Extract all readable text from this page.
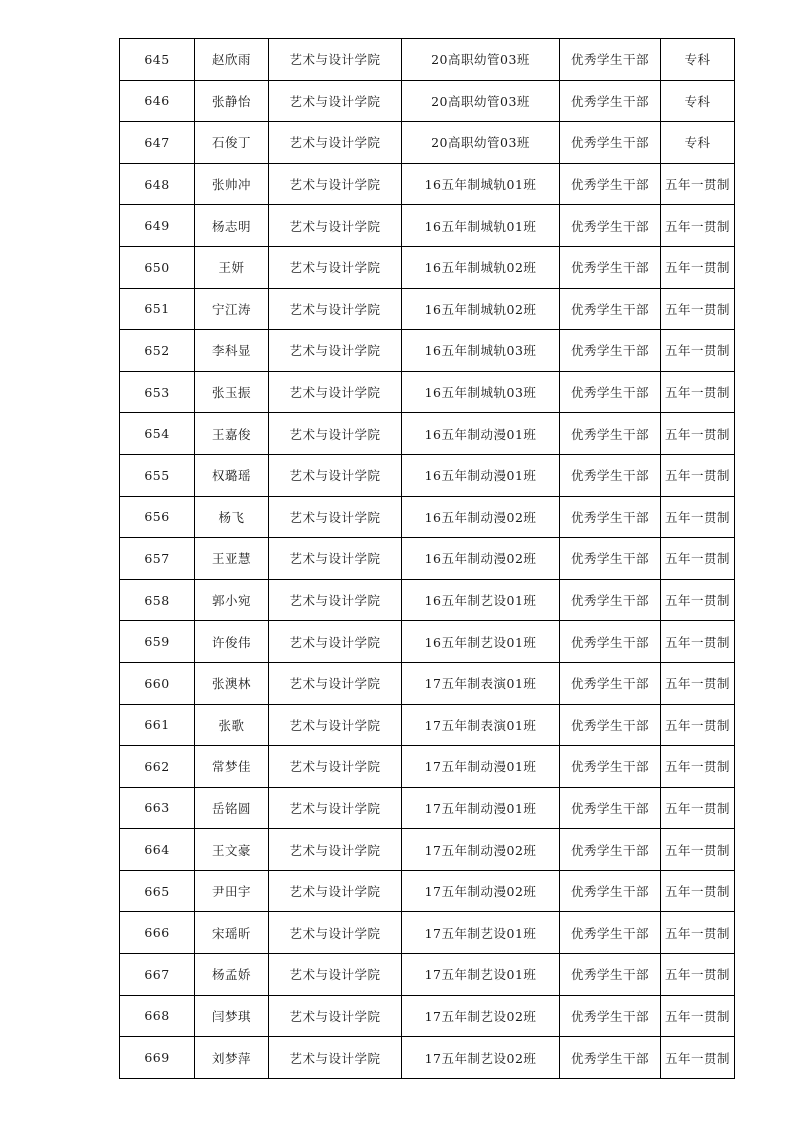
645	赵欣雨	艺术与设计学院	20高职幼管03班	优秀学生干部	专科
646	张静怡	艺术与设计学院	20高职幼管03班	优秀学生干部	专科
647	石俊丁	艺术与设计学院	20高职幼管03班	优秀学生干部	专科
648	张帅冲	艺术与设计学院	16五年制城轨01班	优秀学生干部	五年一贯制
649	杨志明	艺术与设计学院	16五年制城轨01班	优秀学生干部	五年一贯制
650	王妍	艺术与设计学院	16五年制城轨02班	优秀学生干部	五年一贯制
651	宁江涛	艺术与设计学院	16五年制城轨02班	优秀学生干部	五年一贯制
652	李科显	艺术与设计学院	16五年制城轨03班	优秀学生干部	五年一贯制
653	张玉振	艺术与设计学院	16五年制城轨03班	优秀学生干部	五年一贯制
654	王嘉俊	艺术与设计学院	16五年制动漫01班	优秀学生干部	五年一贯制
655	权璐瑶	艺术与设计学院	16五年制动漫01班	优秀学生干部	五年一贯制
656	杨飞	艺术与设计学院	16五年制动漫02班	优秀学生干部	五年一贯制
657	王亚慧	艺术与设计学院	16五年制动漫02班	优秀学生干部	五年一贯制
658	郭小宛	艺术与设计学院	16五年制艺设01班	优秀学生干部	五年一贯制
659	许俊伟	艺术与设计学院	16五年制艺设01班	优秀学生干部	五年一贯制
660	张澳林	艺术与设计学院	17五年制表演01班	优秀学生干部	五年一贯制
661	张歌	艺术与设计学院	17五年制表演01班	优秀学生干部	五年一贯制
662	常梦佳	艺术与设计学院	17五年制动漫01班	优秀学生干部	五年一贯制
663	岳铭圆	艺术与设计学院	17五年制动漫01班	优秀学生干部	五年一贯制
664	王文豪	艺术与设计学院	17五年制动漫02班	优秀学生干部	五年一贯制
665	尹田宇	艺术与设计学院	17五年制动漫02班	优秀学生干部	五年一贯制
666	宋瑶昕	艺术与设计学院	17五年制艺设01班	优秀学生干部	五年一贯制
667	杨孟娇	艺术与设计学院	17五年制艺设01班	优秀学生干部	五年一贯制
668	闫梦琪	艺术与设计学院	17五年制艺设02班	优秀学生干部	五年一贯制
669	刘梦萍	艺术与设计学院	17五年制艺设02班	优秀学生干部	五年一贯制
